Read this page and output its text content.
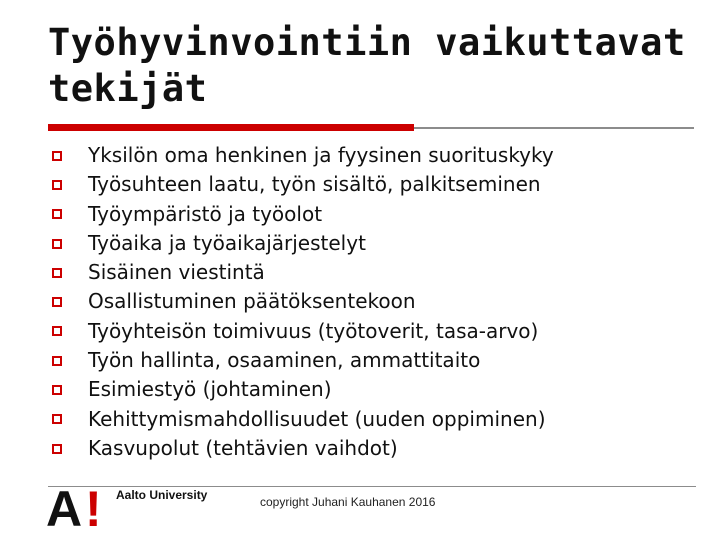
Työhyvinvointiin vaikuttavat tekijät
Yksilön oma henkinen ja fyysinen suorituskyky
Työsuhteen laatu, työn sisältö, palkitseminen
Työympäristö ja työolot
Työaika ja työaikajärjestelyt
Sisäinen viestintä
Osallistuminen päätöksentekoon
Työyhteisön toimivuus (työtoverit, tasa-arvo)
Työn hallinta, osaaminen, ammattitaito
Esimiestyö (johtaminen)
Kehittymismahdollisuudet (uuden oppiminen)
Kasvupolut (tehtävien vaihdot)
A ! Aalto University	copyright Juhani Kauhanen 2016
